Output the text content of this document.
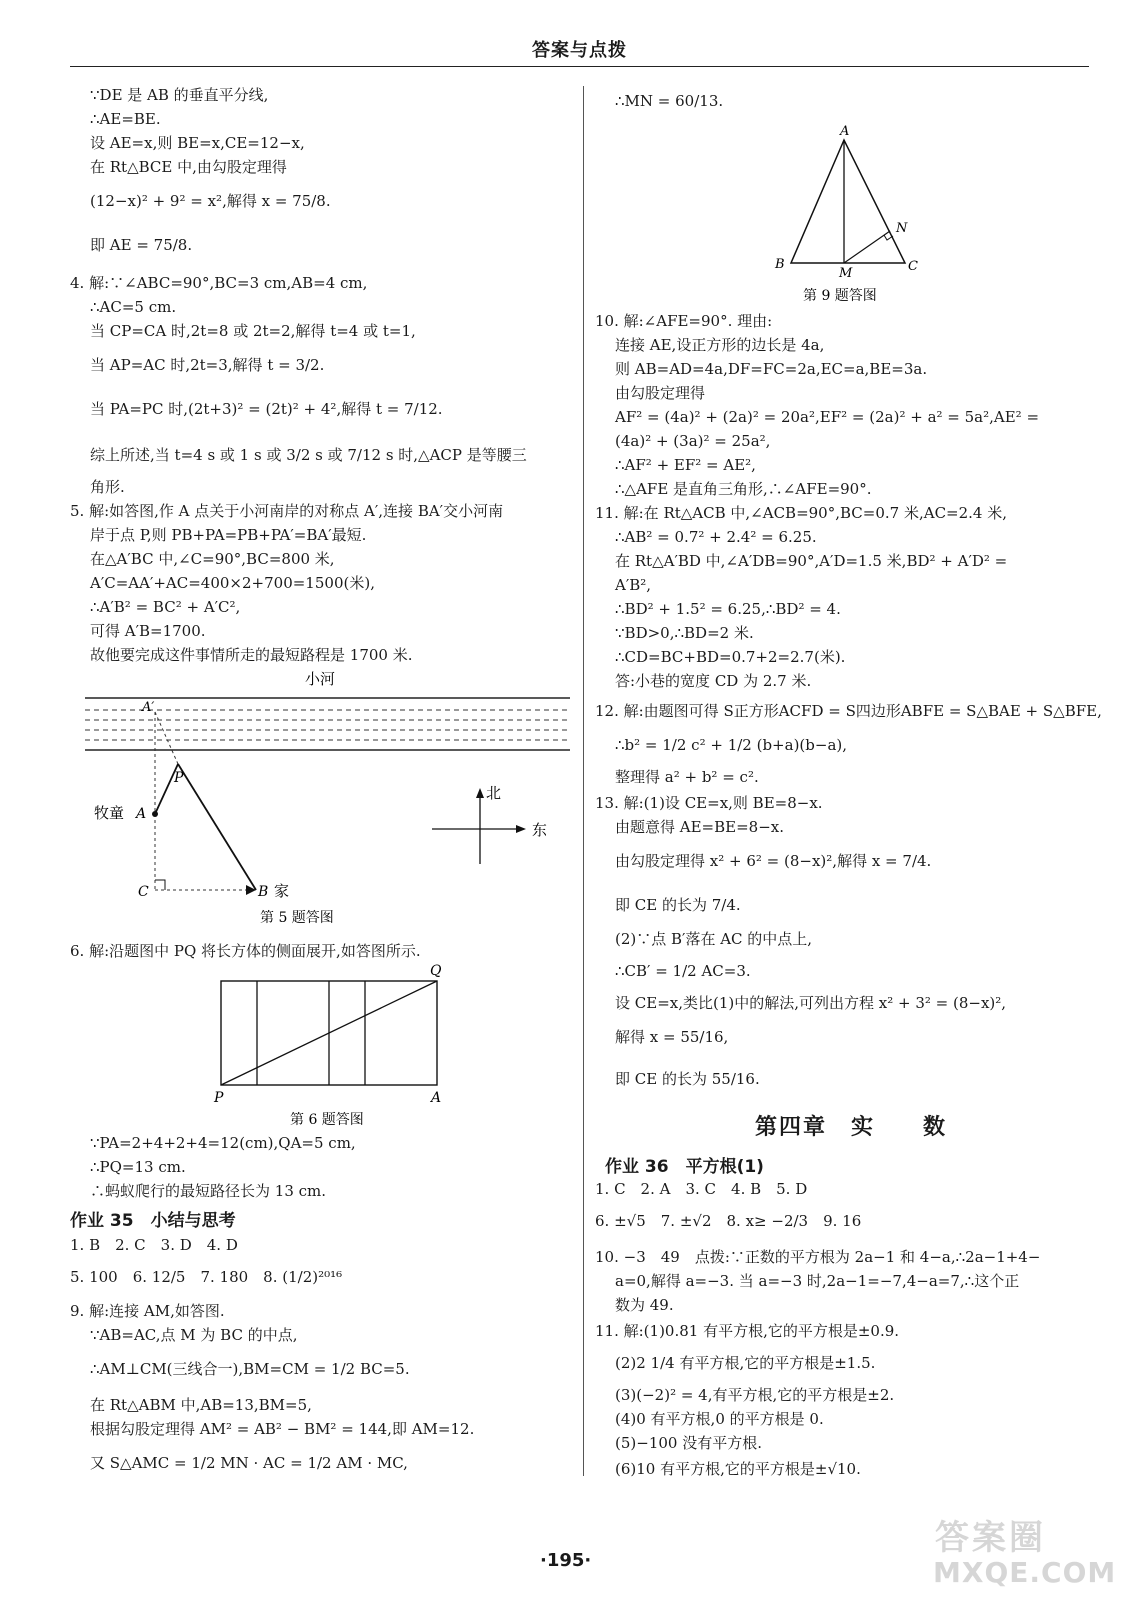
答案与点拨
∵DE 是 AB 的垂直平分线,
∴AE=BE.
设 AE=x,则 BE=x,CE=12−x,
在 Rt△BCE 中,由勾股定理得
(12−x)² + 9² = x²,解得 x = 75/8.
即 AE = 75/8.
4. 解:∵∠ABC=90°,BC=3 cm,AB=4 cm,
∴AC=5 cm.
当 CP=CA 时,2t=8 或 2t=2,解得 t=4 或 t=1,
当 AP=AC 时,2t=3,解得 t = 3/2.
当 PA=PC 时,(2t+3)² = (2t)² + 4²,解得 t = 7/12.
综上所述,当 t=4 s 或 1 s 或 3/2 s 或 7/12 s 时,△ACP 是等腰三
角形.
5. 解:如答图,作 A 点关于小河南岸的对称点 A′,连接 BA′交小河南
岸于点 P,则 PB+PA=PB+PA′=BA′最短.
在△A′BC 中,∠C=90°,BC=800 米,
A′C=AA′+AC=400×2+700=1500(米),
∴A′B² = BC² + A′C²,
可得 A′B=1700.
故他要完成这件事情所走的最短路程是 1700 米.
小河
A′
P
牧童 A
C	B 家
北
东
第 5 题答图
6. 解:沿题图中 PQ 将长方体的侧面展开,如答图所示.
Q
P	A
第 6 题答图
∵PA=2+4+2+4=12(cm),QA=5 cm,
∴PQ=13 cm.
∴蚂蚁爬行的最短路径长为 13 cm.
作业 35　小结与思考
1. B　2. C　3. D　4. D
5. 100　6. 12/5　7. 180　8. (1/2)²⁰¹⁶
9. 解:连接 AM,如答图.
∵AB=AC,点 M 为 BC 的中点,
∴AM⊥CM(三线合一),BM=CM = 1/2 BC=5.
在 Rt△ABM 中,AB=13,BM=5,
根据勾股定理得 AM² = AB² − BM² = 144,即 AM=12.
又 S△AMC = 1/2 MN · AC = 1/2 AM · MC,
∴MN = 60/13.
A
B	C
M
N
第 9 题答图
10. 解:∠AFE=90°. 理由:
连接 AE,设正方形的边长是 4a,
则 AB=AD=4a,DF=FC=2a,EC=a,BE=3a.
由勾股定理得
AF² = (4a)² + (2a)² = 20a²,EF² = (2a)² + a² = 5a²,AE² =
(4a)² + (3a)² = 25a²,
∴AF² + EF² = AE²,
∴△AFE 是直角三角形,∴∠AFE=90°.
11. 解:在 Rt△ACB 中,∠ACB=90°,BC=0.7 米,AC=2.4 米,
∴AB² = 0.7² + 2.4² = 6.25.
在 Rt△A′BD 中,∠A′DB=90°,A′D=1.5 米,BD² + A′D² =
A′B²,
∴BD² + 1.5² = 6.25,∴BD² = 4.
∵BD>0,∴BD=2 米.
∴CD=BC+BD=0.7+2=2.7(米).
答:小巷的宽度 CD 为 2.7 米.
12. 解:由题图可得 S正方形ACFD = S四边形ABFE = S△BAE + S△BFE,
∴b² = 1/2 c² + 1/2 (b+a)(b−a),
整理得 a² + b² = c².
13. 解:(1)设 CE=x,则 BE=8−x.
由题意得 AE=BE=8−x.
由勾股定理得 x² + 6² = (8−x)²,解得 x = 7/4.
即 CE 的长为 7/4.
(2)∵点 B′落在 AC 的中点上,
∴CB′ = 1/2 AC=3.
设 CE=x,类比(1)中的解法,可列出方程 x² + 3² = (8−x)²,
解得 x = 55/16,
即 CE 的长为 55/16.
第四章　实　　数
作业 36　平方根(1)
1. C　2. A　3. C　4. B　5. D
6. ±√5　7. ±√2　8. x≥ −2/3　9. 16
10. −3　49　点拨:∵正数的平方根为 2a−1 和 4−a,∴2a−1+4−
a=0,解得 a=−3. 当 a=−3 时,2a−1=−7,4−a=7,∴这个正
数为 49.
11. 解:(1)0.81 有平方根,它的平方根是±0.9.
(2)2 1/4 有平方根,它的平方根是±1.5.
(3)(−2)² = 4,有平方根,它的平方根是±2.
(4)0 有平方根,0 的平方根是 0.
(5)−100 没有平方根.
(6)10 有平方根,它的平方根是±√10.
·195·
答案圈
MXQE.COM
